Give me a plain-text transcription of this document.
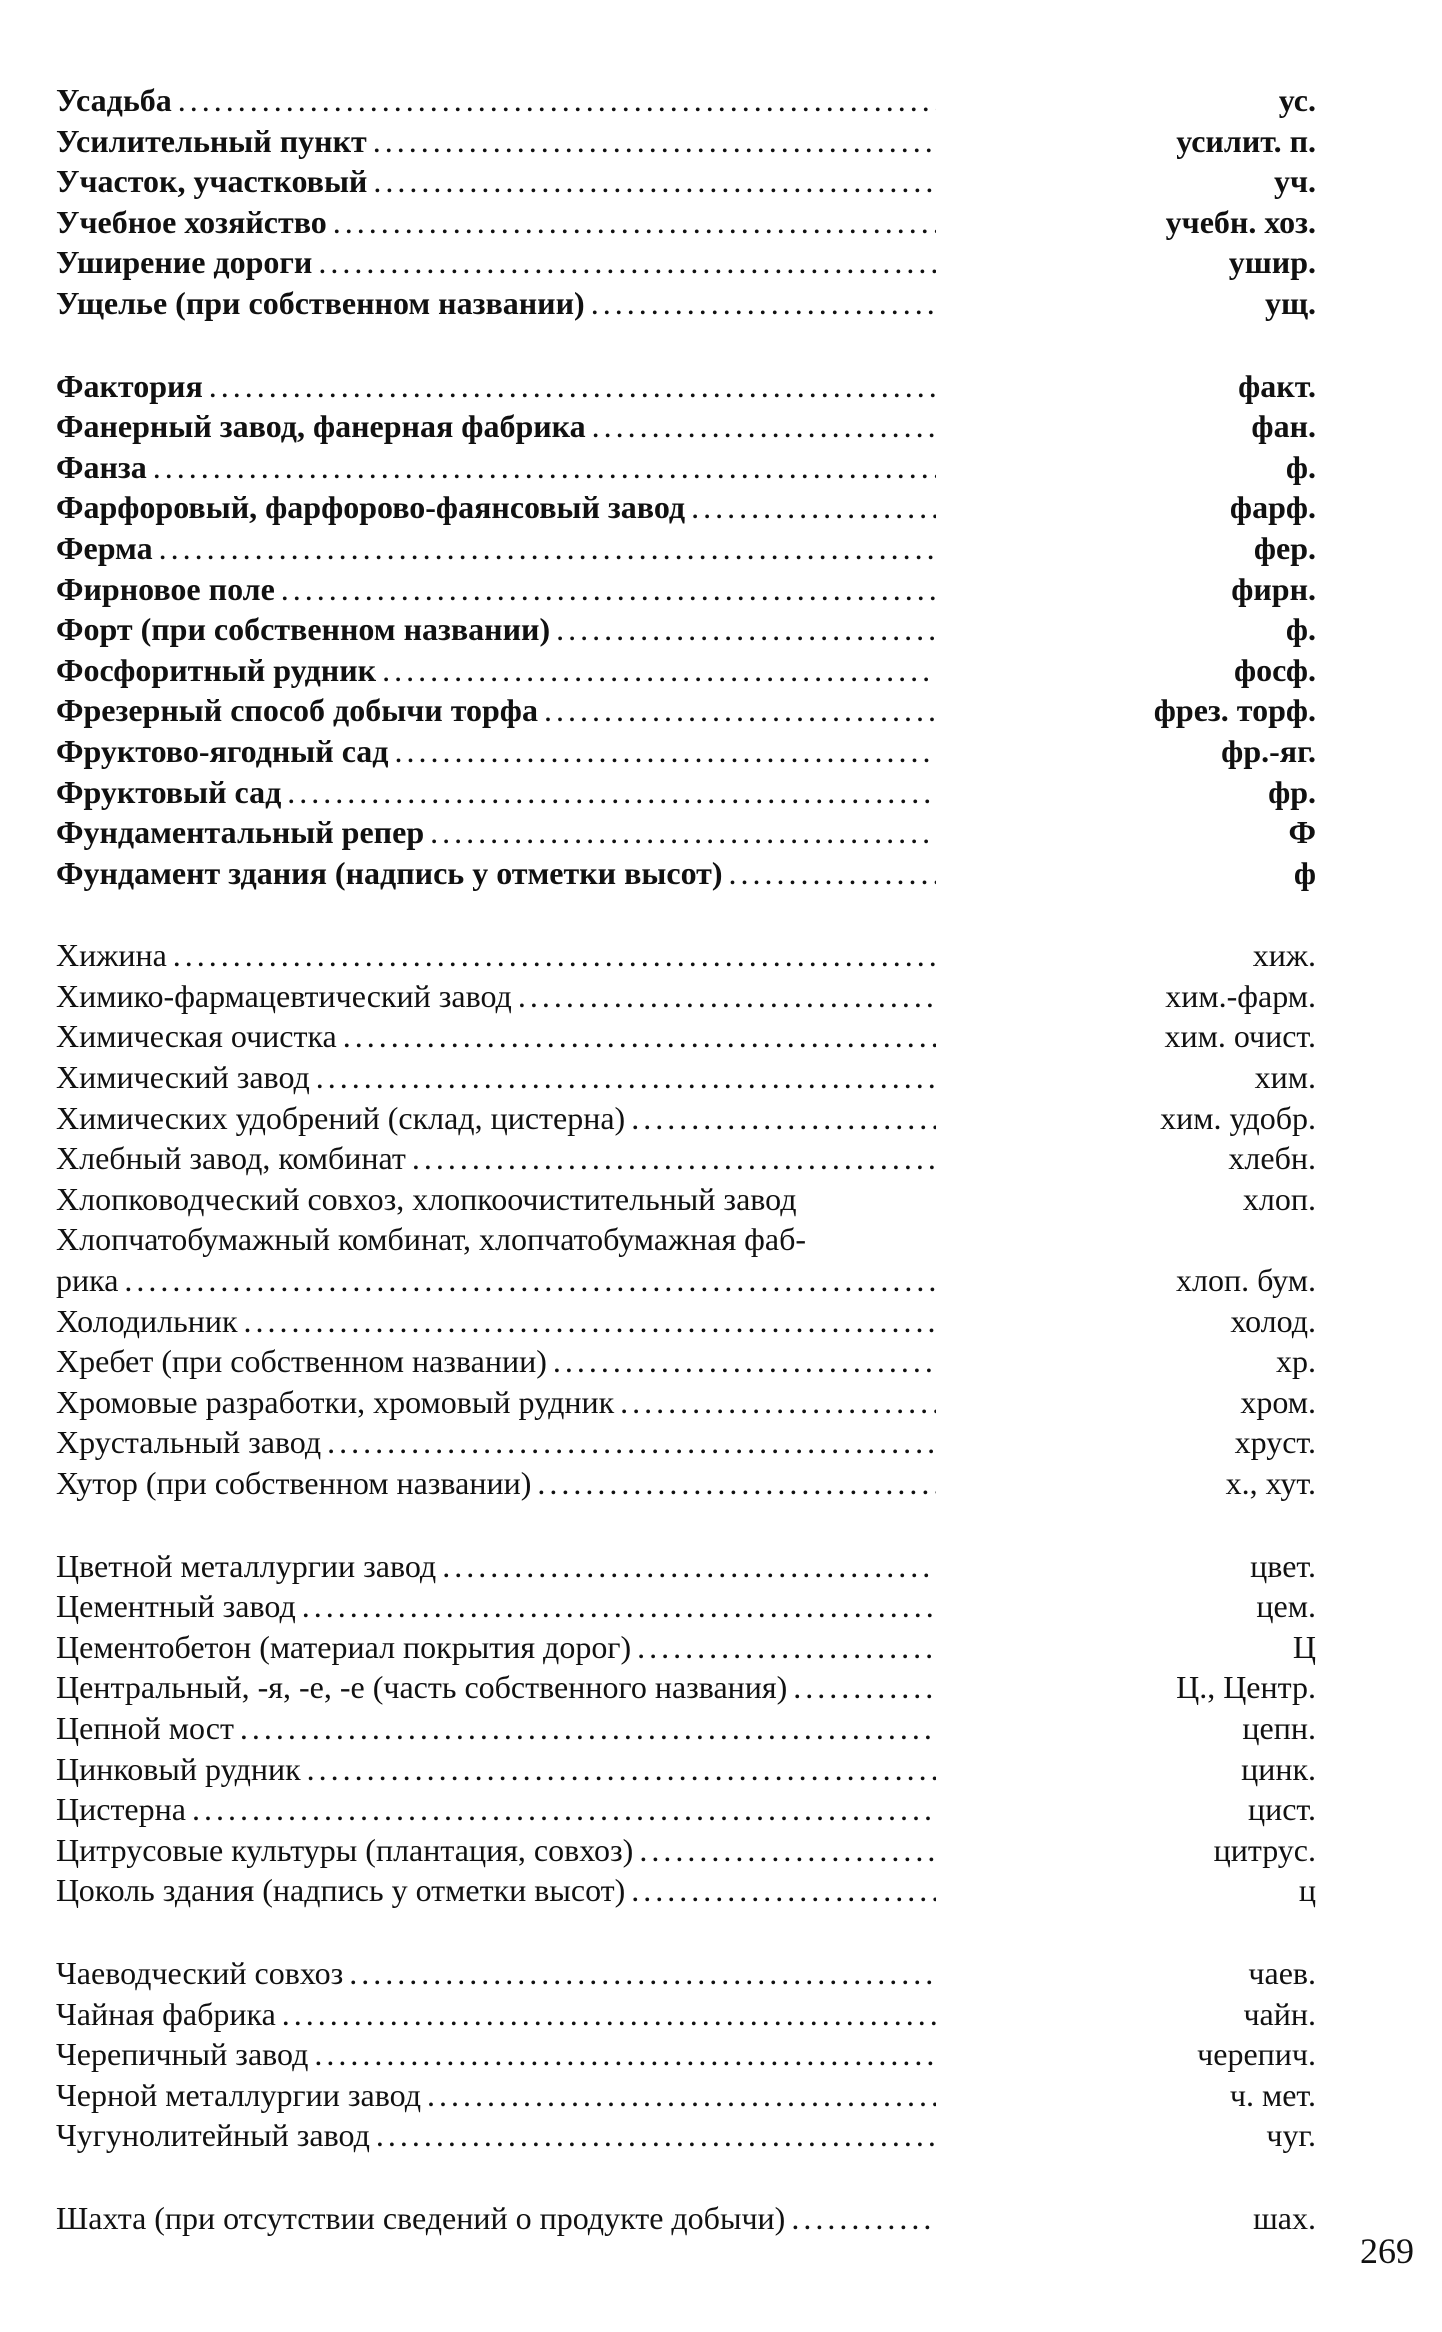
Усадьба .....	ус.
Усилительный пункт .....	усилит. п.
Участок, участковый .....	уч.
Учебное хозяйство .....	учебн. хоз.
Уширение дороги .....	ушир.
Ущелье (при собственном названии) .....	ущ.
Фактория .....	факт.
Фанерный завод, фанерная фабрика .....	фан.
Фанза .....	ф.
Фарфоровый, фарфорово-фаянсовый завод .....	фарф.
Ферма .....	фер.
Фирновое поле .....	фирн.
Форт (при собственном названии) .....	ф.
Фосфоритный рудник .....	фосф.
Фрезерный способ добычи торфа .....	фрез. торф.
Фруктово-ягодный сад .....	фр.-яг.
Фруктовый сад .....	фр.
Фундаментальный репер .....	Ф
Фундамент здания (надпись у отметки высот) .....	ф
Хижина .....	хиж.
Химико-фармацевтический завод .....	хим.-фарм.
Химическая очистка .....	хим. очист.
Химический завод .....	хим.
Химических удобрений (склад, цистерна) .....	хим. удобр.
Хлебный завод, комбинат .....	хлебн.
Хлопководческий совхоз, хлопкоочистительный завод	хлоп.
Хлопчатобумажный комбинат, хлопчатобумажная фаб-
рика .....	хлоп. бум.
Холодильник .....	холод.
Хребет (при собственном названии) .....	хр.
Хромовые разработки, хромовый рудник .....	хром.
Хрустальный завод .....	хруст.
Хутор (при собственном названии) .....	х., хут.
Цветной металлургии завод .....	цвет.
Цементный завод .....	цем.
Цементобетон (материал покрытия дорог) .....	Ц
Центральный, -я, -е, -е (часть собственного названия) .....	Ц., Центр.
Цепной мост .....	цепн.
Цинковый рудник .....	цинк.
Цистерна .....	цист.
Цитрусовые культуры (плантация, совхоз) .....	цитрус.
Цоколь здания (надпись у отметки высот) .....	ц
Чаеводческий совхоз .....	чаев.
Чайная фабрика .....	чайн.
Черепичный завод .....	черепич.
Черной металлургии завод .....	ч. мет.
Чугунолитейный завод .....	чуг.
Шахта (при отсутствии сведений о продукте добычи) .....	шах.
269
